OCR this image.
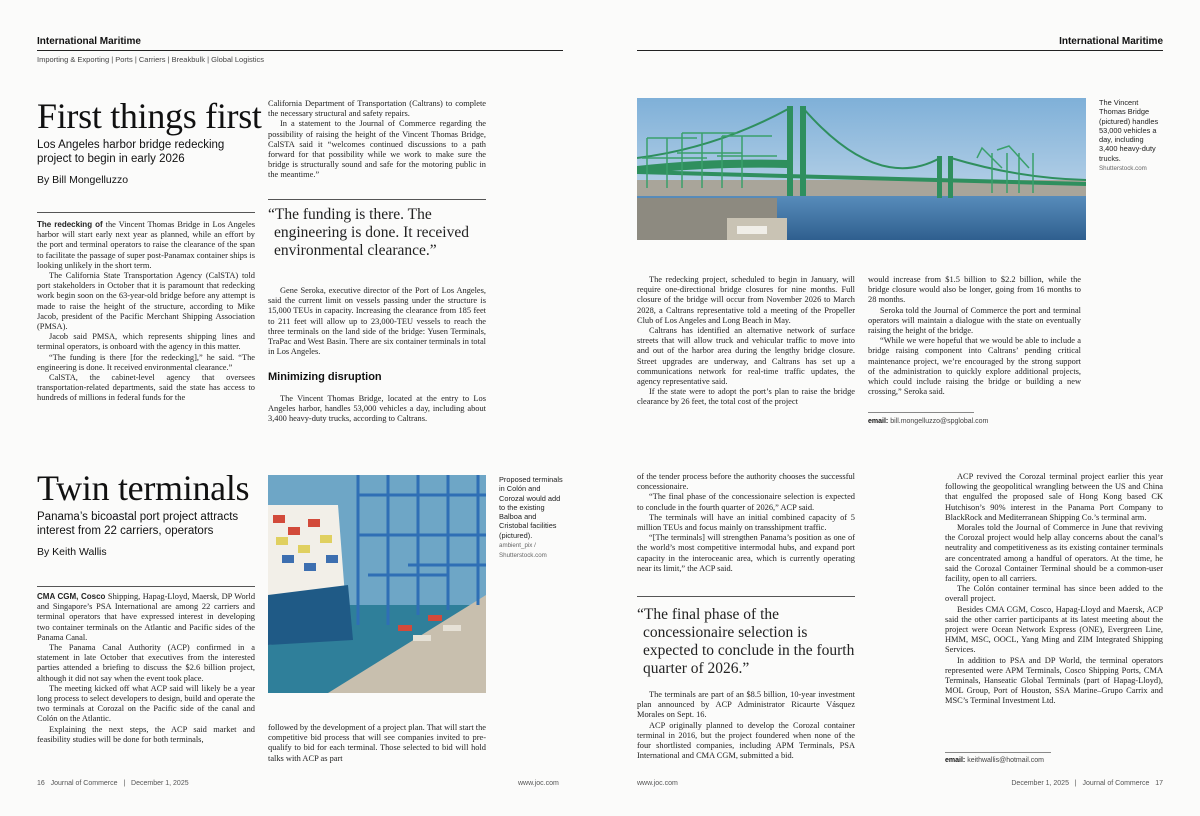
International Maritime
Importing & Exporting | Ports | Carriers | Breakbulk | Global Logistics
International Maritime
First things first
Los Angeles harbor bridge redecking project to begin in early 2026
By Bill Mongelluzzo

The redecking of the Vincent Thomas Bridge in Los Angeles harbor will start early next year as planned, while an effort by the port and terminal operators to raise the clearance of the span to facilitate the passage of super post-Panamax container ships is looking unlikely in the short term.

The California State Transportation Agency (CalSTA) told port stakeholders in October that it is paramount that redecking work begin soon on the 63-year-old bridge before any attempt is made to raise the height of the structure, according to Mike Jacob, president of the Pacific Merchant Shipping Association (PMSA).

Jacob said PMSA, which represents shipping lines and terminal operators, is onboard with the agency in this matter.

“The funding is there [for the redecking],” he said. “The engineering is done. It received environmental clearance.”

CalSTA, the cabinet-level agency that oversees transportation-related departments, said the state has access to hundreds of millions in federal funds for the

California Department of Transportation (Caltrans) to complete the necessary structural and safety repairs.

In a statement to the Journal of Commerce regarding the possibility of raising the height of the Vincent Thomas Bridge, CalSTA said it “welcomes continued discussions to a path forward for that possibility while we work to make sure the bridge is structurally sound and safe for the motoring public in the meantime.”

“The funding is there. The engineering is done. It received environmental clearance.”

Gene Seroka, executive director of the Port of Los Angeles, said the current limit on vessels passing under the structure is 15,000 TEUs in capacity. Increasing the clearance from 185 feet to 211 feet will allow up to 23,000-TEU vessels to reach the three terminals on the land side of the bridge: Yusen Terminals, TraPac and West Basin. There are six container terminals in total in Los Angeles.

Minimizing disruption

The Vincent Thomas Bridge, located at the entry to Los Angeles harbor, handles 53,000 vehicles a day, including about 3,400 heavy-duty trucks, according to Caltrans.

The Vincent Thomas Bridge (pictured) handles 53,000 vehicles a day, including 3,400 heavy-duty trucks.
Shutterstock.com

The redecking project, scheduled to begin in January, will require one-directional bridge closures for nine months. Full closure of the bridge will occur from November 2026 to March 2028, a Caltrans representative told a meeting of the Propeller Club of Los Angeles and Long Beach in May.

Caltrans has identified an alternative network of surface streets that will allow truck and vehicular traffic to move into and out of the harbor area during the lengthy bridge closure. Street upgrades are underway, and Caltrans has set up a communications network for real-time traffic updates, the agency representative said.

If the state were to adopt the port’s plan to raise the bridge clearance by 26 feet, the total cost of the project

would increase from $1.5 billion to $2.2 billion, while the bridge closure would also be longer, going from 16 months to 28 months.

Seroka told the Journal of Commerce the port and terminal operators will maintain a dialogue with the state on eventually raising the height of the bridge.

“While we were hopeful that we would be able to include a bridge raising component into Caltrans’ pending critical maintenance project, we’re encouraged by the strong support of the administration to quickly explore additional projects, which could include raising the bridge or building a new crossing,” Seroka said.

email: bill.mongelluzzo@spglobal.com
Twin terminals
Panama’s bicoastal port project attracts interest from 22 carriers, operators
By Keith Wallis

CMA CGM, Cosco Shipping, Hapag-Lloyd, Maersk, DP World and Singapore’s PSA International are among 22 carriers and terminal operators that have expressed interest in developing two container terminals on the Atlantic and Pacific sides of the Panama Canal.

The Panama Canal Authority (ACP) confirmed in a statement in late October that executives from the interested parties attended a briefing to discuss the $2.6 billion project, although it did not say when the event took place.

The meeting kicked off what ACP said will likely be a year long process to select developers to design, build and operate the two terminals at Corozal on the Pacific side of the canal and Colón on the Atlantic.

Explaining the next steps, the ACP said market and feasibility studies will be done for both terminals,

followed by the development of a project plan. That will start the competitive bid process that will see companies invited to pre-qualify to bid for each terminal. Those selected to bid will hold talks with ACP as part

Proposed terminals in Colón and Corozal would add to the existing Balboa and Cristobal facilities (pictured).
ambient_pix / Shutterstock.com

of the tender process before the authority chooses the successful concessionaire.

“The final phase of the concessionaire selection is expected to conclude in the fourth quarter of 2026,” ACP said.

The terminals will have an initial combined capacity of 5 million TEUs and focus mainly on transshipment traffic.

“[The terminals] will strengthen Panama’s position as one of the world’s most competitive intermodal hubs, and expand port capacity in the interoceanic area, which is currently operating near its limit,” the ACP said.

“The final phase of the concessionaire selection is expected to conclude in the fourth quarter of 2026.”

The terminals are part of an $8.5 billion, 10-year investment plan announced by ACP Administrator Ricaurte Vásquez Morales on Sept. 16.

ACP originally planned to develop the Corozal container terminal in 2016, but the project foundered when none of the four shortlisted companies, including APM Terminals, PSA International and CMA CGM, submitted a bid.

ACP revived the Corozal terminal project earlier this year following the geopolitical wrangling between the US and China that engulfed the proposed sale of Hong Kong based CK Hutchison’s 90% interest in the Panama Port Company to BlackRock and Mediterranean Shipping Co.’s terminal arm.

Morales told the Journal of Commerce in June that reviving the Corozal project would help allay concerns about the canal’s neutrality and competitiveness as its existing container terminals are concentrated among a handful of operators. At the time, he said the Corozal Container Terminal should be a common-user facility, open to all carriers.

The Colón container terminal has since been added to the overall project.

Besides CMA CGM, Cosco, Hapag-Lloyd and Maersk, ACP said the other carrier participants at its latest meeting about the project were Ocean Network Express (ONE), Evergreen Line, HMM, MSC, OOCL, Yang Ming and ZIM Integrated Shipping Services.

In addition to PSA and DP World, the terminal operators represented were APM Terminals, Cosco Shipping Ports, CMA Terminals, Hanseatic Global Terminals (part of Hapag-Lloyd), MOL Group, Port of Houston, SSA Marine–Grupo Carrix and MSC’s Terminal Investment Ltd.

email: keithwallis@hotmail.com
16   Journal of Commerce   |   December 1, 2025	www.joc.com	www.joc.com	December 1, 2025   |   Journal of Commerce   17
